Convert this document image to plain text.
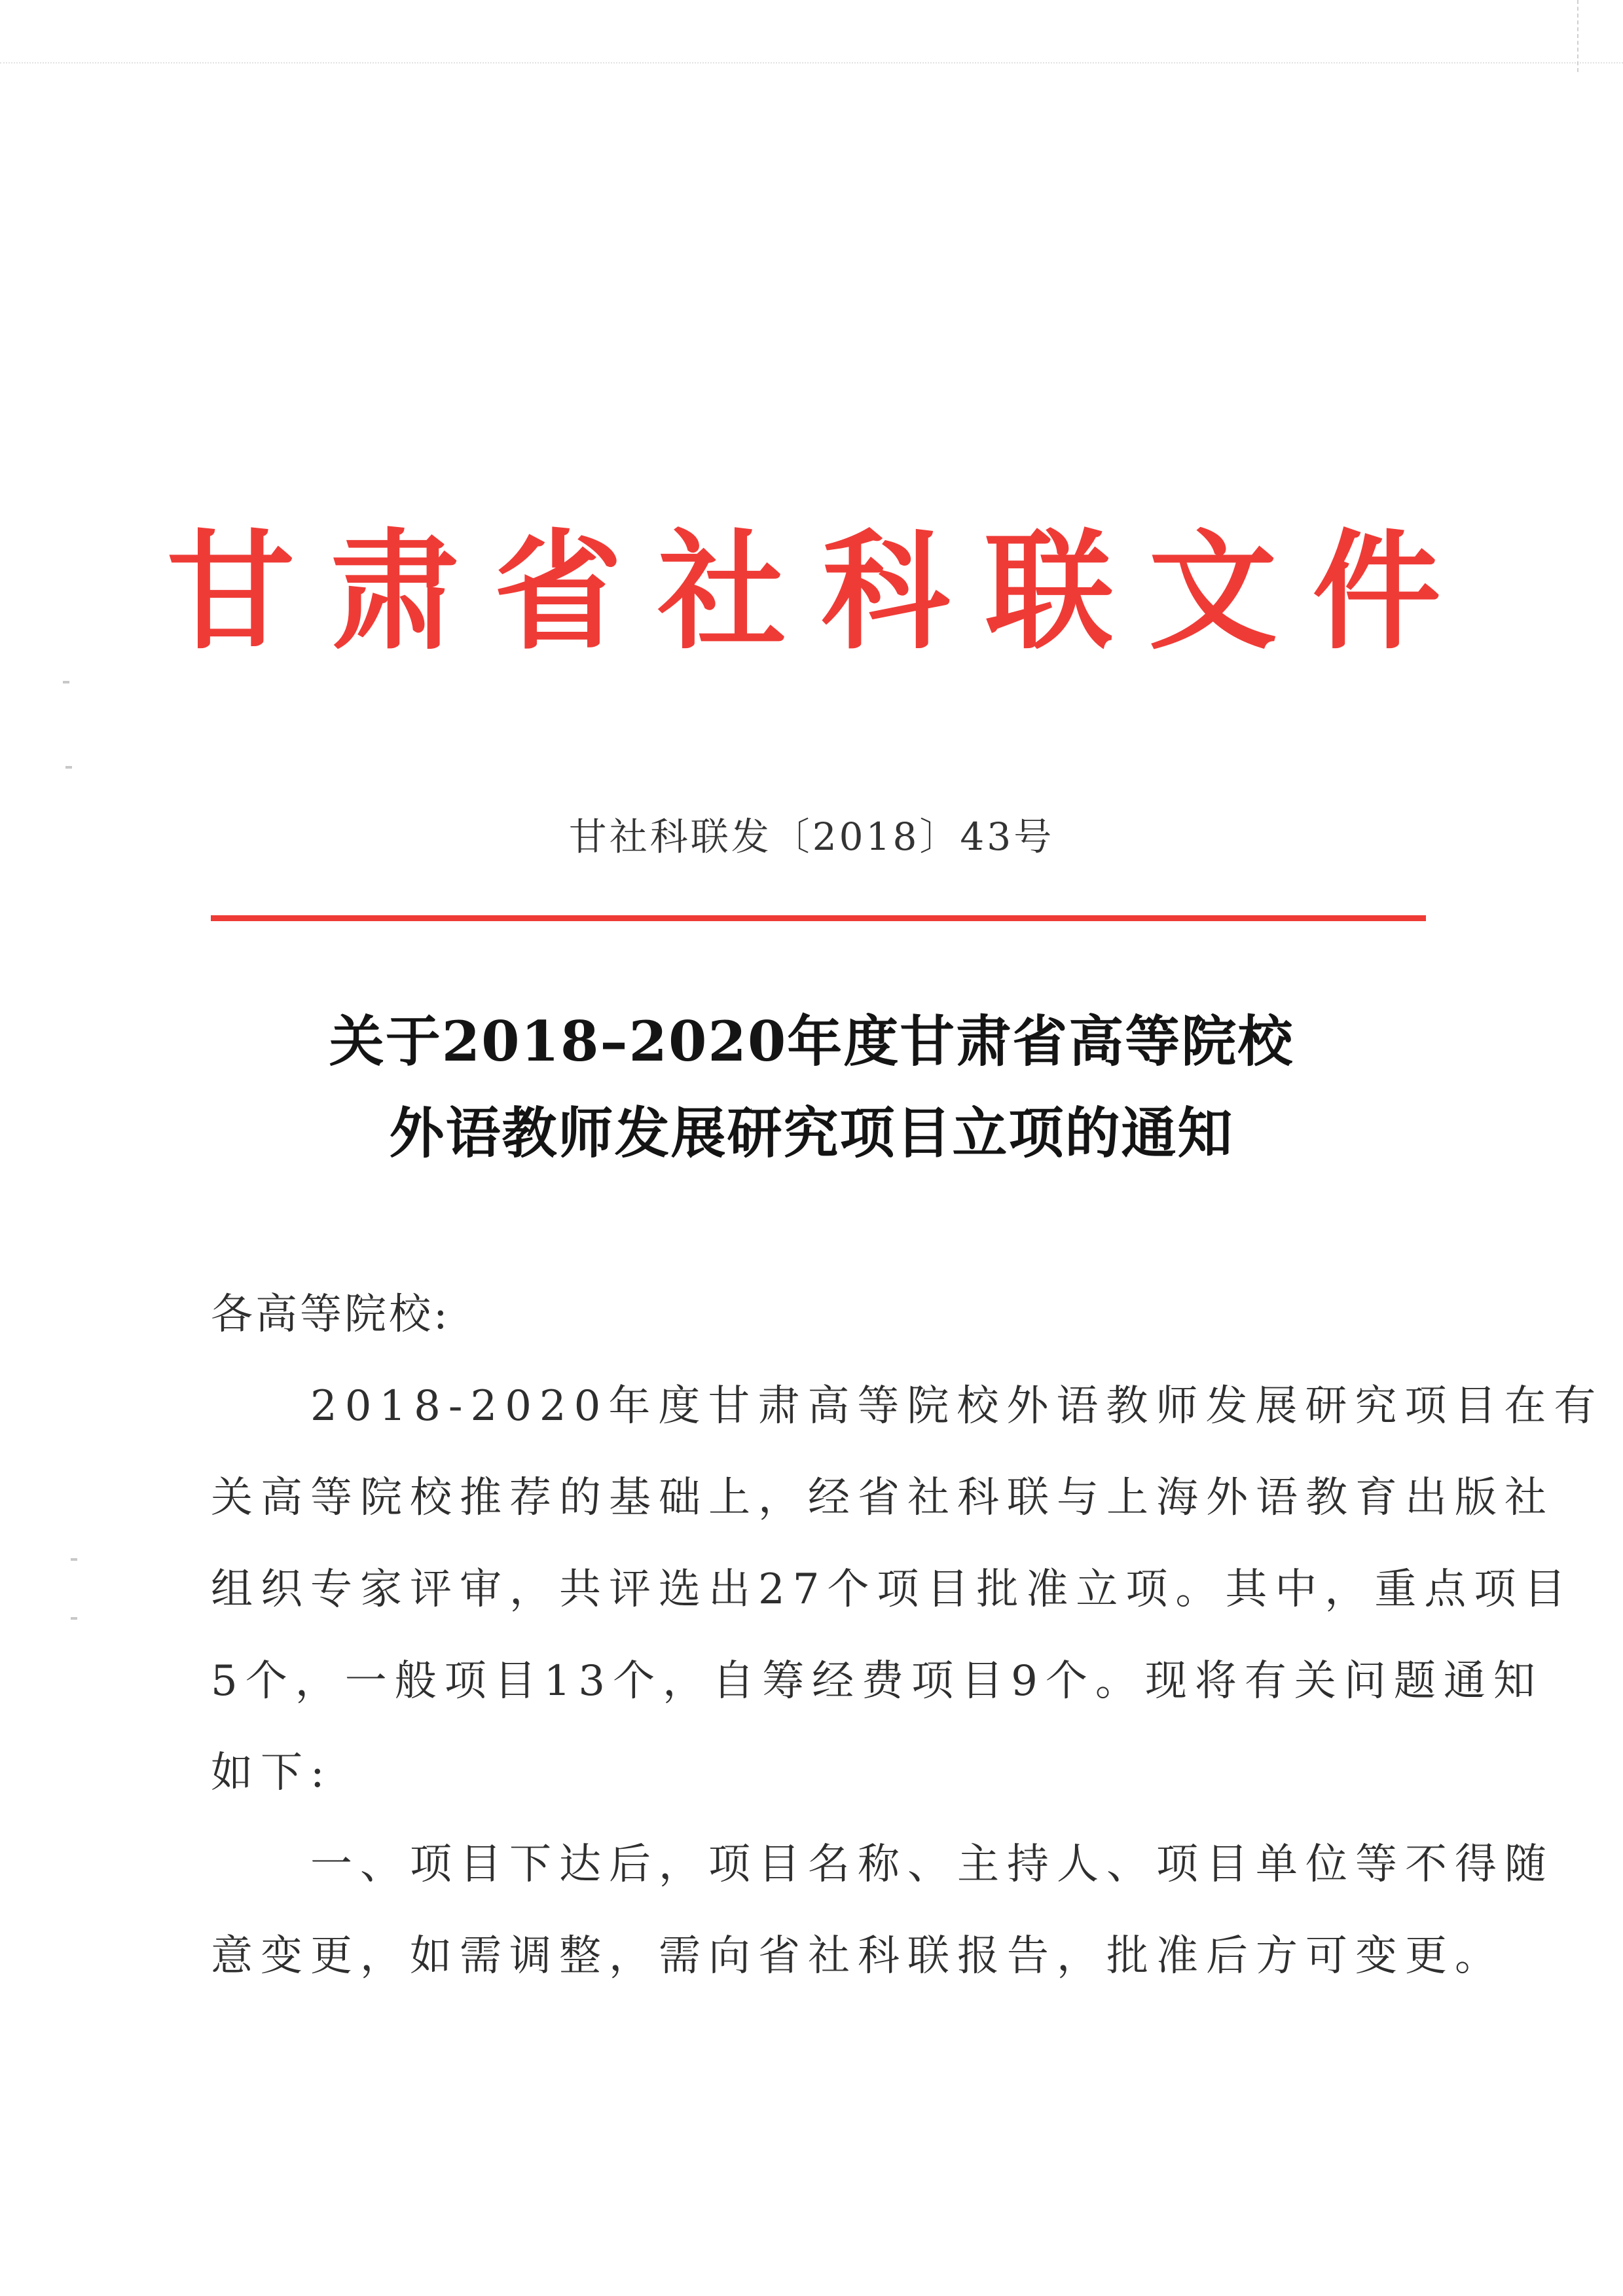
甘肃省社科联文件
甘社科联发〔2018〕43号
关于2018–2020年度甘肃省高等院校
外语教师发展研究项目立项的通知
各高等院校:
　　2018-2020年度甘肃高等院校外语教师发展研究项目在有
关高等院校推荐的基础上，经省社科联与上海外语教育出版社
组织专家评审，共评选出27个项目批准立项。其中，重点项目
5个，一般项目13个，自筹经费项目9个。现将有关问题通知
如下:
　　一、项目下达后，项目名称、主持人、项目单位等不得随
意变更，如需调整，需向省社科联报告，批准后方可变更。
